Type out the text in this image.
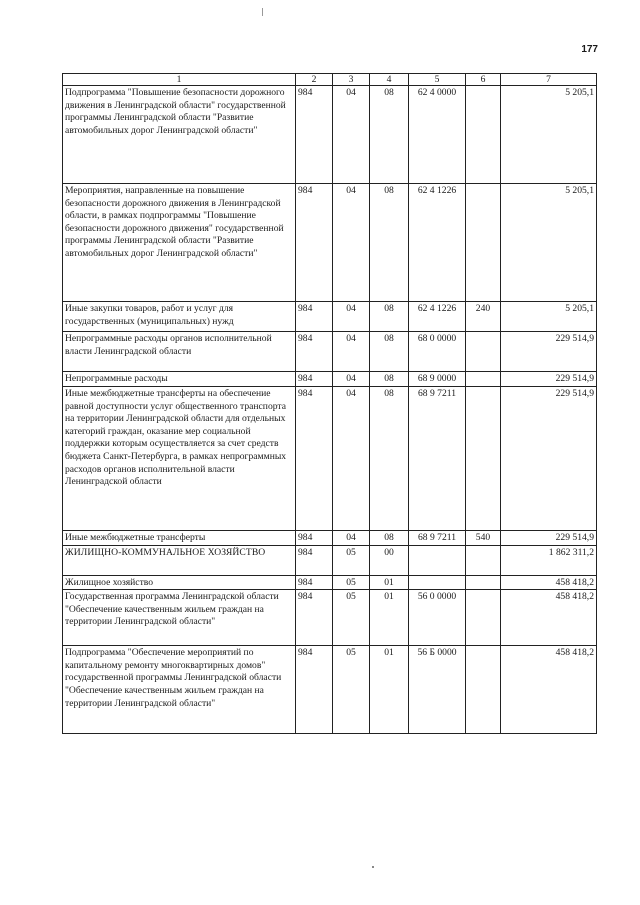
177
1	2	3	4	5	6	7
Подпрограмма "Повышение безопасности дорожного движения в Ленинградской области" государственной программы Ленинградской области "Развитие автомобильных дорог Ленинградской области"	984	04	08	62 4 0000		5 205,1
Мероприятия, направленные на повышение безопасности дорожного движения в Ленинградской области, в рамках подпрограммы "Повышение безопасности дорожного движения" государственной программы Ленинградской области "Развитие автомобильных дорог Ленинградской области"	984	04	08	62 4 1226		5 205,1
Иные закупки товаров, работ и услуг для государственных (муниципальных) нужд	984	04	08	62 4 1226	240	5 205,1
Непрограммные расходы органов исполнительной власти Ленинградской области	984	04	08	68 0 0000		229 514,9
Непрограммные расходы	984	04	08	68 9 0000		229 514,9
Иные межбюджетные трансферты на обеспечение равной доступности услуг общественного транспорта на территории Ленинградской области для отдельных категорий граждан, оказание мер социальной поддержки которым осуществляется за счет средств бюджета Санкт-Петербурга, в рамках непрограммных расходов органов исполнительной власти Ленинградской области	984	04	08	68 9 7211		229 514,9
Иные межбюджетные трансферты	984	04	08	68 9 7211	540	229 514,9
ЖИЛИЩНО-КОММУНАЛЬНОЕ ХОЗЯЙСТВО	984	05	00			1 862 311,2
Жилищное хозяйство	984	05	01			458 418,2
Государственная программа Ленинградской области "Обеспечение качественным жильем граждан на территории Ленинградской области"	984	05	01	56 0 0000		458 418,2
Подпрограмма "Обеспечение мероприятий по капитальному ремонту многоквартирных домов" государственной программы Ленинградской области "Обеспечение качественным жильем граждан на территории Ленинградской области"	984	05	01	56 Б 0000		458 418,2
